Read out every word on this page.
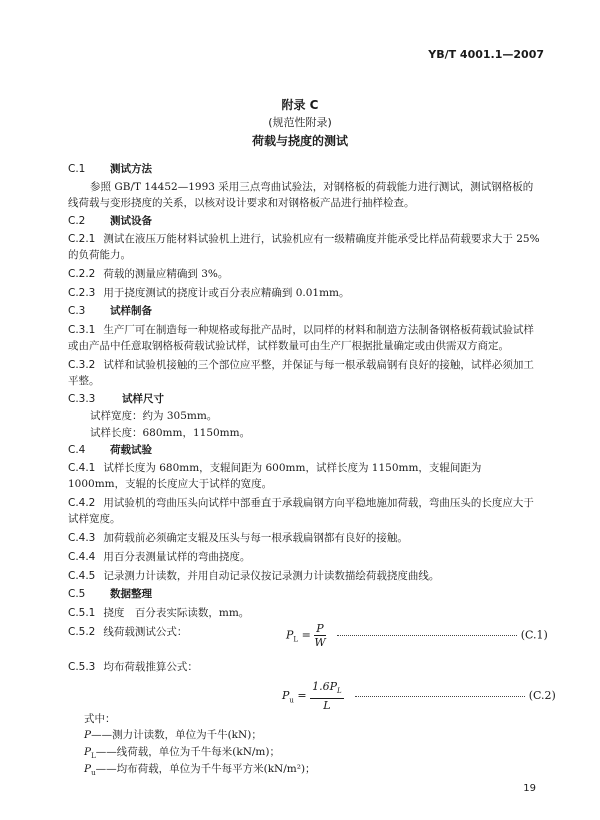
YB/T 4001.1—2007
附录 C
(规范性附录)
荷载与挠度的测试
C.1 测试方法
参照 GB/T 14452—1993 采用三点弯曲试验法，对钢格板的荷载能力进行测试，测试钢格板的线荷载与变形挠度的关系，以核对设计要求和对钢格板产品进行抽样检查。
C.2 测试设备
C.2.1 测试在液压万能材料试验机上进行，试验机应有一级精确度并能承受比样品荷载要求大于 25%的负荷能力。
C.2.2 荷载的测量应精确到 3%。
C.2.3 用于挠度测试的挠度计或百分表应精确到 0.01mm。
C.3 试样制备
C.3.1 生产厂可在制造每一种规格或每批产品时，以同样的材料和制造方法制备钢格板荷载试验试样或由产品中任意取钢格板荷载试验试样，试样数量可由生产厂根据批量确定或由供需双方商定。
C.3.2 试样和试验机接触的三个部位应平整，并保证与每一根承载扁钢有良好的接触，试样必须加工平整。
C.3.3	试样尺寸
试样宽度：约为 305mm。
试样长度：680mm，1150mm。
C.4 荷载试验
C.4.1 试样长度为 680mm，支辊间距为 600mm，试样长度为 1150mm，支辊间距为 1000mm，支辊的长度应大于试样的宽度。
C.4.2 用试验机的弯曲压头向试样中部垂直于承载扁钢方向平稳地施加荷载，弯曲压头的长度应大于试样宽度。
C.4.3 加荷载前必须确定支辊及压头与每一根承载扁钢都有良好的接触。
C.4.4 用百分表测量试样的弯曲挠度。
C.4.5 记录测力计读数，并用自动记录仪按记录测力计读数描绘荷载挠度曲线。
C.5 数据整理
C.5.1 挠度　百分表实际读数，mm。
C.5.2 线荷载测试公式：	$P_L = \frac{P}{W}$	(C.1)
C.5.3 均布荷载推算公式：
$P_u = \frac{1.6P_L}{L}$	(C.2)
式中：
P——测力计读数，单位为千牛(kN)；
$P_L——$线荷载，单位为千牛每米(kN/m)；
$P_u——$均布荷载，单位为千牛每平方米(kN/m²)；
19
